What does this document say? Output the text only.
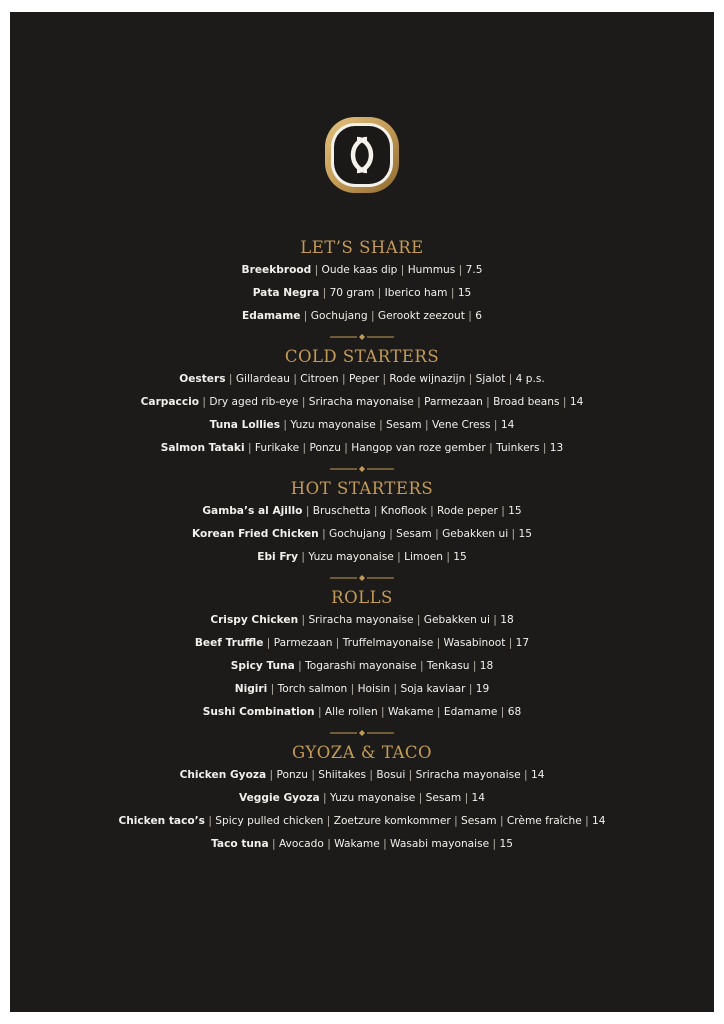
LET’S SHARE
Breekbrood | Oude kaas dip | Hummus | 7.5
Pata Negra | 70 gram | Iberico ham | 15
Edamame | Gochujang | Gerookt zeezout | 6
COLD STARTERS
Oesters | Gillardeau | Citroen | Peper | Rode wijnazijn | Sjalot | 4 p.s.
Carpaccio | Dry aged rib-eye | Sriracha mayonaise | Parmezaan | Broad beans | 14
Tuna Lollies | Yuzu mayonaise | Sesam | Vene Cress | 14
Salmon Tataki | Furikake | Ponzu | Hangop van roze gember | Tuinkers | 13
HOT STARTERS
Gamba’s al Ajillo | Bruschetta | Knoflook | Rode peper | 15
Korean Fried Chicken | Gochujang | Sesam | Gebakken ui | 15
Ebi Fry | Yuzu mayonaise | Limoen | 15
ROLLS
Crispy Chicken | Sriracha mayonaise | Gebakken ui | 18
Beef Truffle | Parmezaan | Truffelmayonaise | Wasabinoot | 17
Spicy Tuna | Togarashi mayonaise | Tenkasu | 18
Nigiri | Torch salmon | Hoisin | Soja kaviaar | 19
Sushi Combination | Alle rollen | Wakame | Edamame | 68
GYOZA & TACO
Chicken Gyoza | Ponzu | Shiitakes | Bosui | Sriracha mayonaise | 14
Veggie Gyoza | Yuzu mayonaise | Sesam | 14
Chicken taco’s | Spicy pulled chicken | Zoetzure komkommer | Sesam | Crème fraîche | 14
Taco tuna | Avocado | Wakame | Wasabi mayonaise | 15
